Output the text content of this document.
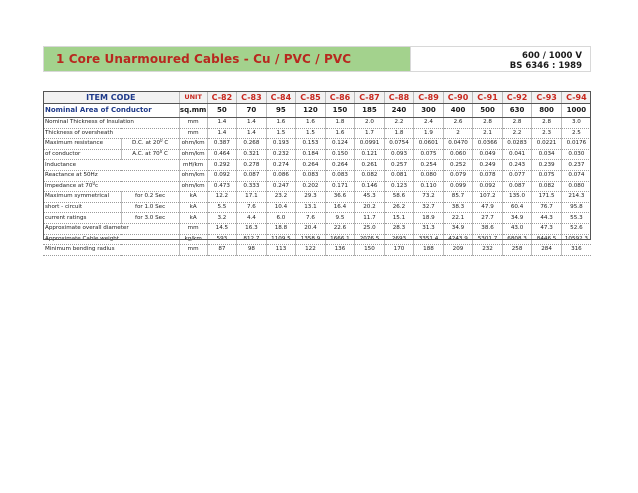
1 Core Unarmoured Cables - Cu / PVC / PVC	600 / 1000 V
BS 6346 : 1989
ITEM CODE		UNIT	C-82	C-83	C-84	C-85	C-86	C-87	C-88	C-89	C-90	C-91	C-92	C-93	C-94
Nominal Area of Conductor		sq.mm	50	70	95	120	150	185	240	300	400	500	630	800	1000
Nominal Thickness of Insulation		mm	1.4	1.4	1.6	1.6	1.8	2.0	2.2	2.4	2.6	2.8	2.8	2.8	3.0
Thickness of oversheath		mm	1.4	1.4	1.5	1.5	1.6	1.7	1.8	1.9	2	2.1	2.2	2.3	2.5
Maximum resistance	D.C. at $20^0$ C	ohm/km	0.387	0.268	0.193	0.153	0.124	0.0991	0.0754	0.0601	0.0470	0.0366	0.0283	0.0221	0.0176
of conductor	A.C. at $70^0$ C	ohm/km	0.464	0.321	0.232	0.184	0.150	0.121	0.093	0.075	0.060	0.049	0.041	0.034	0.030
Inductance		mH/km	0.292	0.278	0.274	0.264	0.264	0.261	0.257	0.254	0.252	0.249	0.243	0.239	0.237
Reactance at 50Hz		ohm/km	0.092	0.087	0.086	0.083	0.083	0.082	0.081	0.080	0.079	0.078	0.077	0.075	0.074
Impedance at $70^0c$		ohm/km	0.473	0.333	0.247	0.202	0.171	0.146	0.123	0.110	0.099	0.092	0.087	0.082	0.080
Maximum symmetrical	for 0.2 Sec	kA	12.2	17.1	23.2	29.3	36.6	45.3	58.6	73.2	85.7	107.2	135.0	171.5	214.3
short - circuit	for 1.0 Sec	kA	5.5	7.6	10.4	13.1	16.4	20.2	26.2	32.7	38.3	47.9	60.4	76.7	95.8
current ratings	for 3.0 Sec	kA	3.2	4.4	6.0	7.6	9.5	11.7	15.1	18.9	22.1	27.7	34.9	44.3	55.3
Approximate overall diameter		mm	14.5	16.3	18.8	20.4	22.6	25.0	28.3	31.3	34.9	38.6	43.0	47.3	52.6
Approximate Cable weight		kg/km	593	812.7	1109.5	1358.9	1666.1	2076.5	2693	3351.4	4243.9	5301.7	6808.3	8446.5	10592.3
Minimum bending radius		mm	87	98	113	122	136	150	170	188	209	232	258	284	316
